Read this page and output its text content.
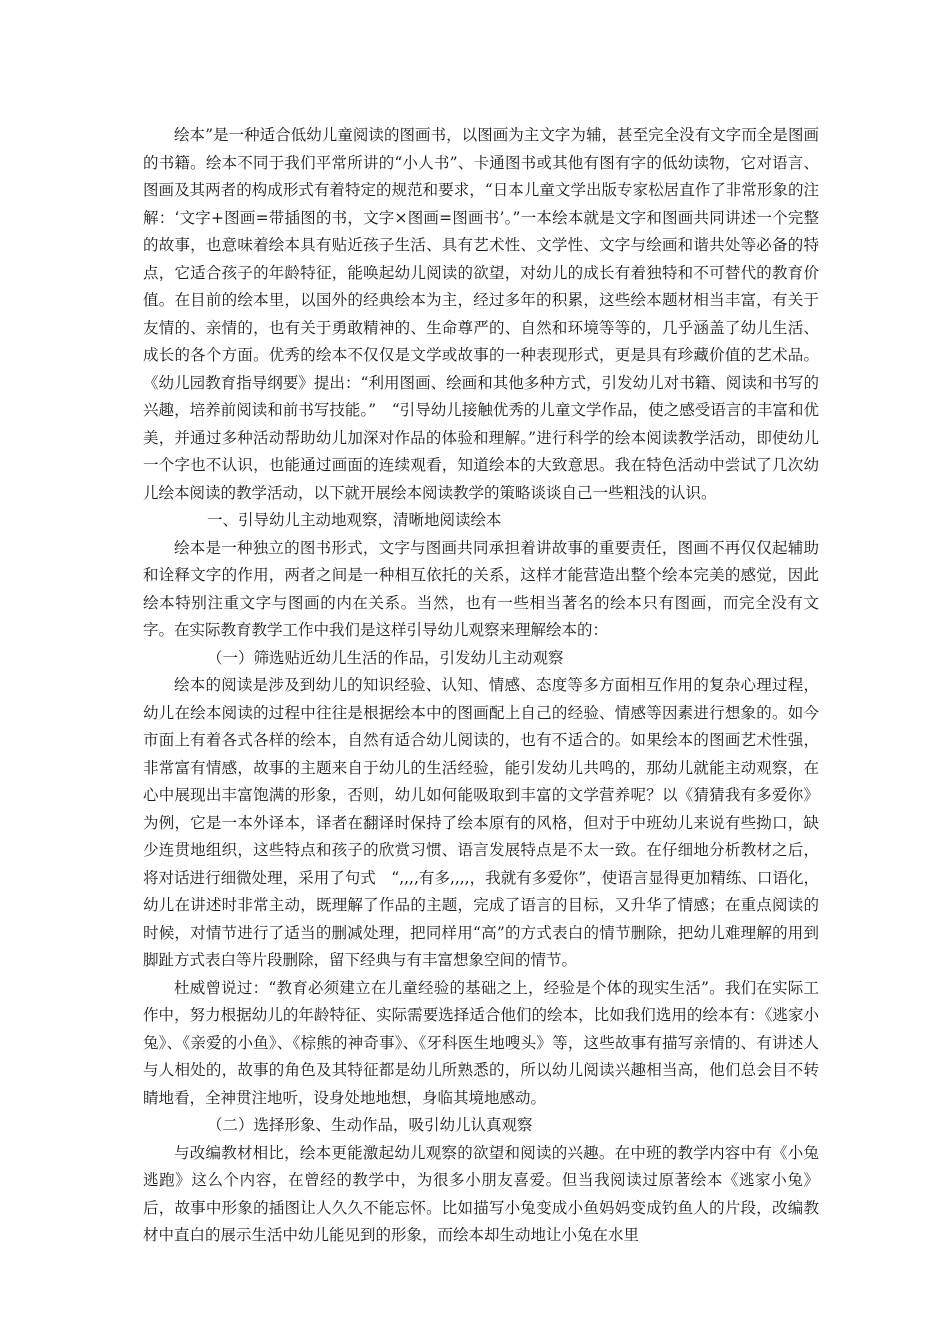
绘本”是一种适合低幼儿童阅读的图画书，以图画为主文字为辅，甚至完全没有文字而全是图画的书籍。绘本不同于我们平常所讲的“小人书”、卡通图书或其他有图有字的低幼读物，它对语言、图画及其两者的构成形式有着特定的规范和要求，“日本儿童文学出版专家松居直作了非常形象的注解：‘文字+图画=带插图的书，文字×图画=图画书’。”一本绘本就是文字和图画共同讲述一个完整的故事，也意味着绘本具有贴近孩子生活、具有艺术性、文学性、文字与绘画和谐共处等必备的特点，它适合孩子的年龄特征，能唤起幼儿阅读的欲望，对幼儿的成长有着独特和不可替代的教育价值。在目前的绘本里，以国外的经典绘本为主，经过多年的积累，这些绘本题材相当丰富，有关于友情的、亲情的，也有关于勇敢精神的、生命尊严的、自然和环境等等的，几乎涵盖了幼儿生活、成长的各个方面。优秀的绘本不仅仅是文学或故事的一种表现形式，更是具有珍藏价值的艺术品。《幼儿园教育指导纲要》提出：“利用图画、绘画和其他多种方式，引发幼儿对书籍、阅读和书写的兴趣，培养前阅读和前书写技能。”　“引导幼儿接触优秀的儿童文学作品，使之感受语言的丰富和优美，并通过多种活动帮助幼儿加深对作品的体验和理解。”进行科学的绘本阅读教学活动，即使幼儿一个字也不认识，也能通过画面的连续观看，知道绘本的大致意思。我在特色活动中尝试了几次幼儿绘本阅读的教学活动，以下就开展绘本阅读教学的策略谈谈自己一些粗浅的认识。

一、引导幼儿主动地观察，清晰地阅读绘本

绘本是一种独立的图书形式，文字与图画共同承担着讲故事的重要责任，图画不再仅仅起辅助和诠释文字的作用，两者之间是一种相互依托的关系，这样才能营造出整个绘本完美的感觉，因此绘本特别注重文字与图画的内在关系。当然，也有一些相当著名的绘本只有图画，而完全没有文字。在实际教育教学工作中我们是这样引导幼儿观察来理解绘本的：

（一）筛选贴近幼儿生活的作品，引发幼儿主动观察

绘本的阅读是涉及到幼儿的知识经验、认知、情感、态度等多方面相互作用的复杂心理过程，幼儿在绘本阅读的过程中往往是根据绘本中的图画配上自己的经验、情感等因素进行想象的。如今市面上有着各式各样的绘本，自然有适合幼儿阅读的，也有不适合的。如果绘本的图画艺术性强，非常富有情感，故事的主题来自于幼儿的生活经验，能引发幼儿共鸣的，那幼儿就能主动观察，在心中展现出丰富饱满的形象，否则，幼儿如何能吸取到丰富的文学营养呢？以《猜猜我有多爱你》为例，它是一本外译本，译者在翻译时保持了绘本原有的风格，但对于中班幼儿来说有些拗口，缺少连贯地组织，这些特点和孩子的欣赏习惯、语言发展特点是不太一致。在仔细地分析教材之后，将对话进行细微处理，采用了句式　“,,,,有多,,,,，我就有多爱你”，使语言显得更加精练、口语化，幼儿在讲述时非常主动，既理解了作品的主题，完成了语言的目标，又升华了情感；在重点阅读的时候，对情节进行了适当的删减处理，把同样用“高”的方式表白的情节删除，把幼儿难理解的用到脚趾方式表白等片段删除，留下经典与有丰富想象空间的情节。

杜威曾说过：“教育必须建立在儿童经验的基础之上，经验是个体的现实生活”。我们在实际工作中，努力根据幼儿的年龄特征、实际需要选择适合他们的绘本，比如我们选用的绘本有：《逃家小兔》、《亲爱的小鱼》、《棕熊的神奇事》、《牙科医生地嗖头》等，这些故事有描写亲情的、有讲述人与人相处的，故事的角色及其特征都是幼儿所熟悉的，所以幼儿阅读兴趣相当高，他们总会目不转睛地看，全神贯注地听，设身处地地想，身临其境地感动。

（二）选择形象、生动作品，吸引幼儿认真观察

与改编教材相比，绘本更能激起幼儿观察的欲望和阅读的兴趣。在中班的教学内容中有《小兔逃跑》这么个内容，在曾经的教学中，为很多小朋友喜爱。但当我阅读过原著绘本《逃家小兔》后，故事中形象的插图让人久久不能忘怀。比如描写小兔变成小鱼妈妈变成钓鱼人的片段，改编教材中直白的展示生活中幼儿能见到的形象，而绘本却生动地让小兔在水里
